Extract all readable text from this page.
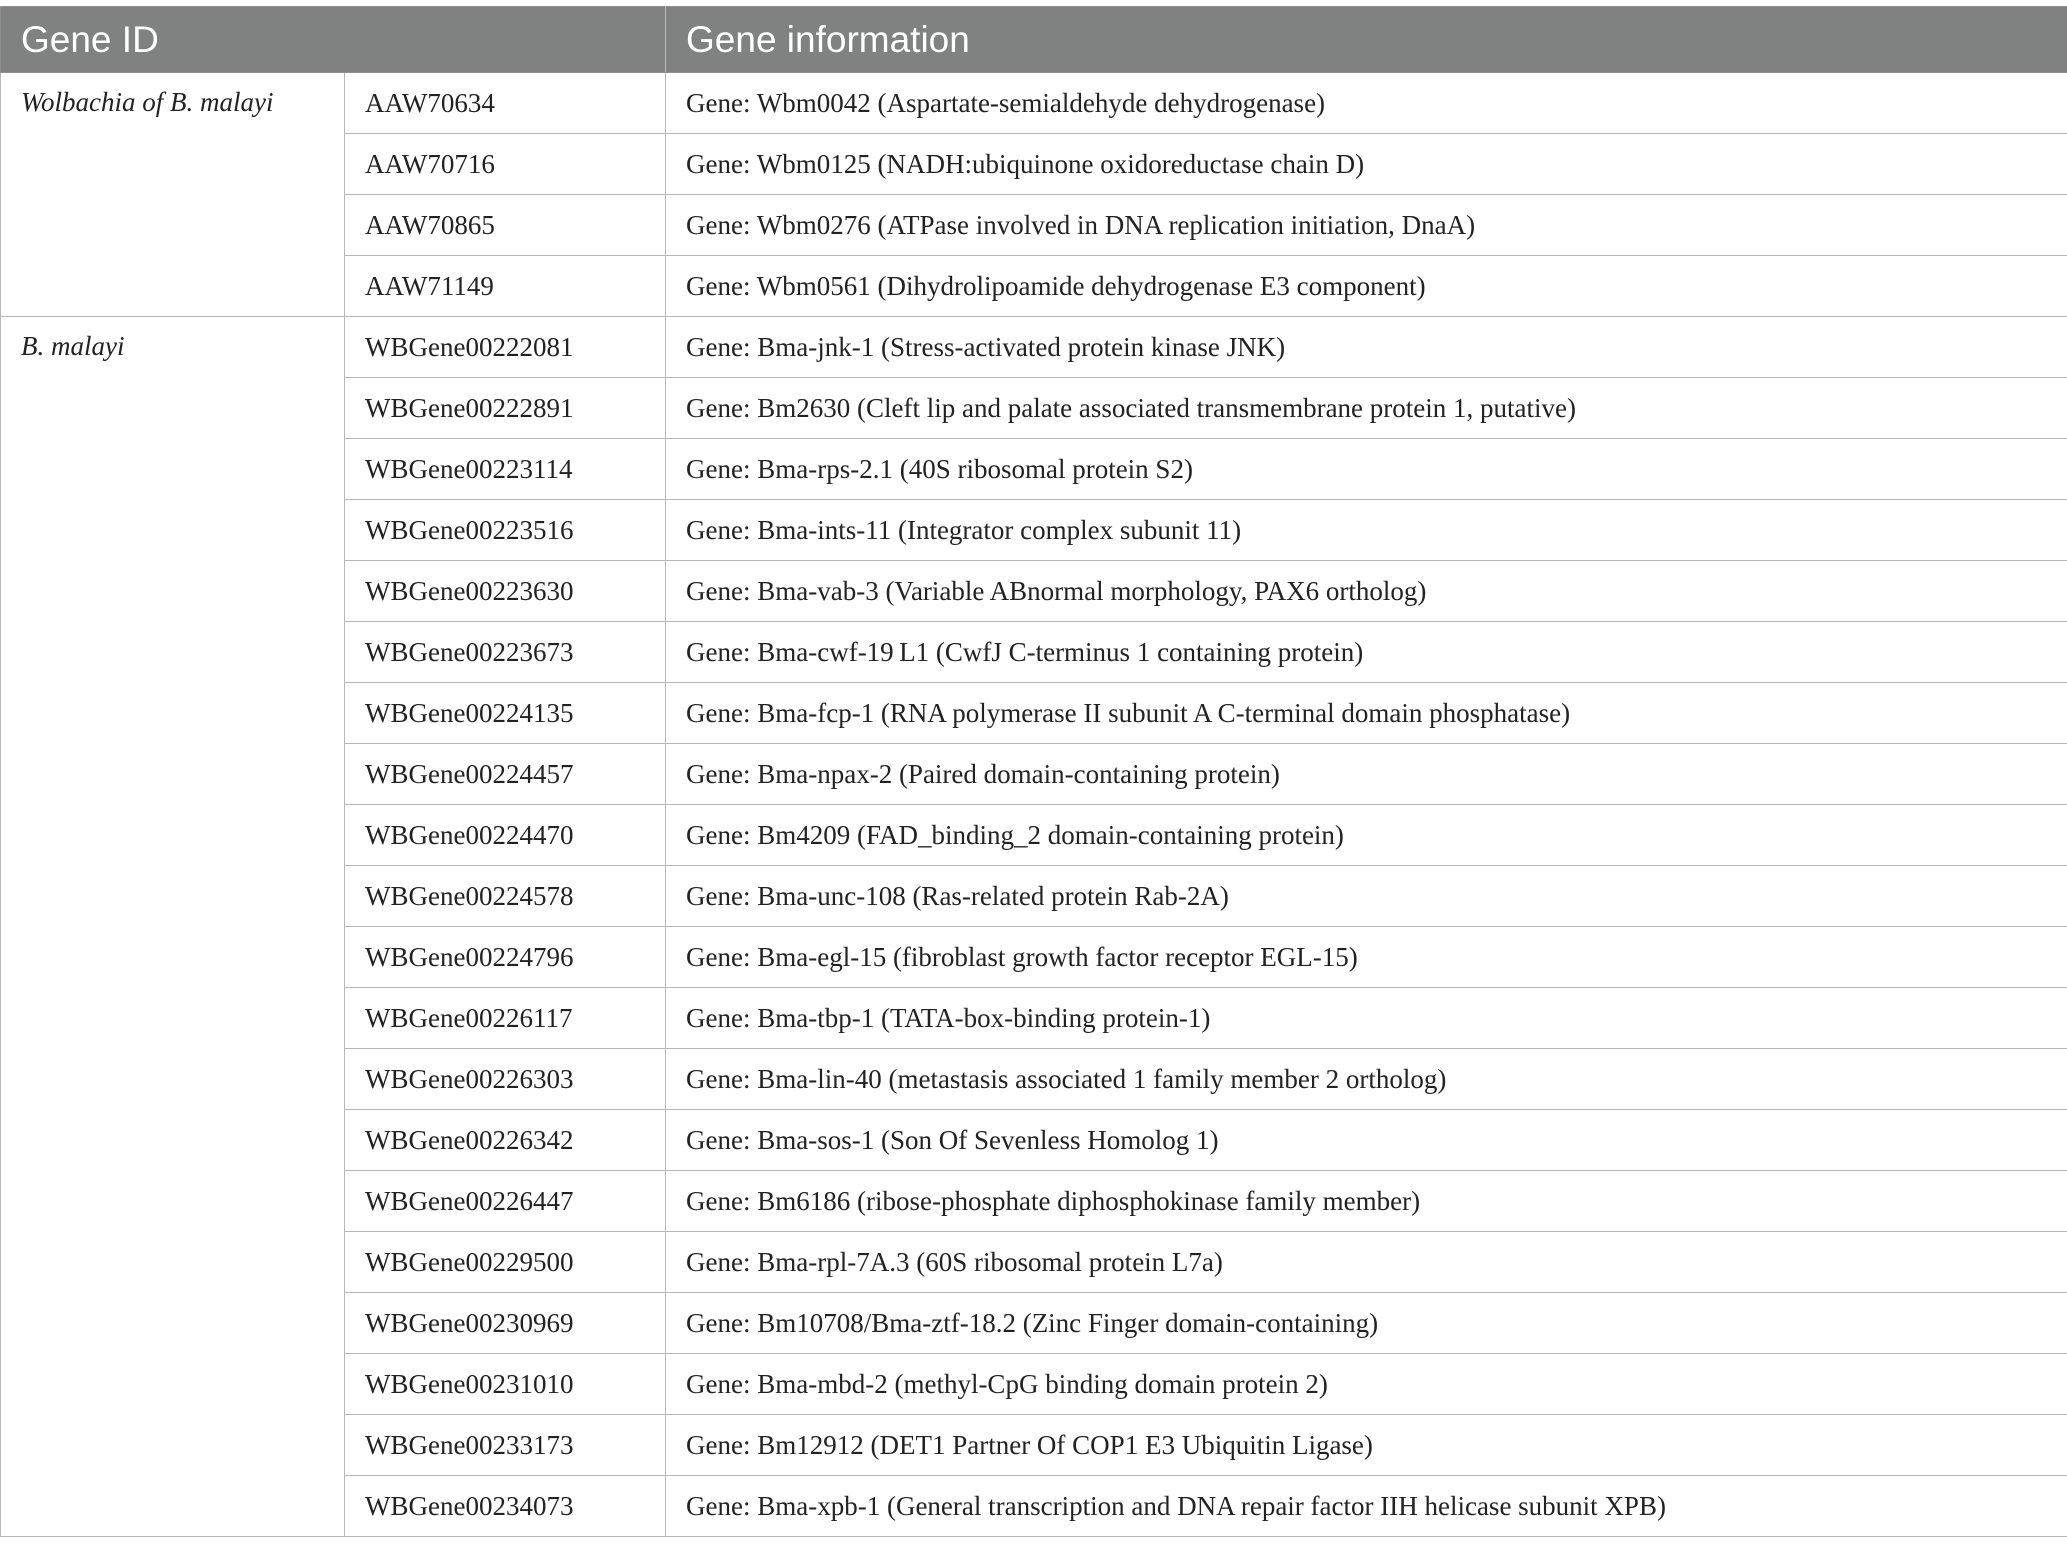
Gene ID		Gene information
Wolbachia of B. malayi	AAW70634	Gene: Wbm0042 (Aspartate-semialdehyde dehydrogenase)
	AAW70716	Gene: Wbm0125 (NADH:ubiquinone oxidoreductase chain D)
	AAW70865	Gene: Wbm0276 (ATPase involved in DNA replication initiation, DnaA)
	AAW71149	Gene: Wbm0561 (Dihydrolipoamide dehydrogenase E3 component)
B. malayi	WBGene00222081	Gene: Bma-jnk-1 (Stress-activated protein kinase JNK)
	WBGene00222891	Gene: Bm2630 (Cleft lip and palate associated transmembrane protein 1, putative)
	WBGene00223114	Gene: Bma-rps-2.1 (40S ribosomal protein S2)
	WBGene00223516	Gene: Bma-ints-11 (Integrator complex subunit 11)
	WBGene00223630	Gene: Bma-vab-3 (Variable ABnormal morphology, PAX6 ortholog)
	WBGene00223673	Gene: Bma-cwf-19 L1 (CwfJ C-terminus 1 containing protein)
	WBGene00224135	Gene: Bma-fcp-1 (RNA polymerase II subunit A C-terminal domain phosphatase)
	WBGene00224457	Gene: Bma-npax-2 (Paired domain-containing protein)
	WBGene00224470	Gene: Bm4209 (FAD_binding_2 domain-containing protein)
	WBGene00224578	Gene: Bma-unc-108 (Ras-related protein Rab-2A)
	WBGene00224796	Gene: Bma-egl-15 (fibroblast growth factor receptor EGL-15)
	WBGene00226117	Gene: Bma-tbp-1 (TATA-box-binding protein-1)
	WBGene00226303	Gene: Bma-lin-40 (metastasis associated 1 family member 2 ortholog)
	WBGene00226342	Gene: Bma-sos-1 (Son Of Sevenless Homolog 1)
	WBGene00226447	Gene: Bm6186 (ribose-phosphate diphosphokinase family member)
	WBGene00229500	Gene: Bma-rpl-7A.3 (60S ribosomal protein L7a)
	WBGene00230969	Gene: Bm10708/Bma-ztf-18.2 (Zinc Finger domain-containing)
	WBGene00231010	Gene: Bma-mbd-2 (methyl-CpG binding domain protein 2)
	WBGene00233173	Gene: Bm12912 (DET1 Partner Of COP1 E3 Ubiquitin Ligase)
	WBGene00234073	Gene: Bma-xpb-1 (General transcription and DNA repair factor IIH helicase subunit XPB)
